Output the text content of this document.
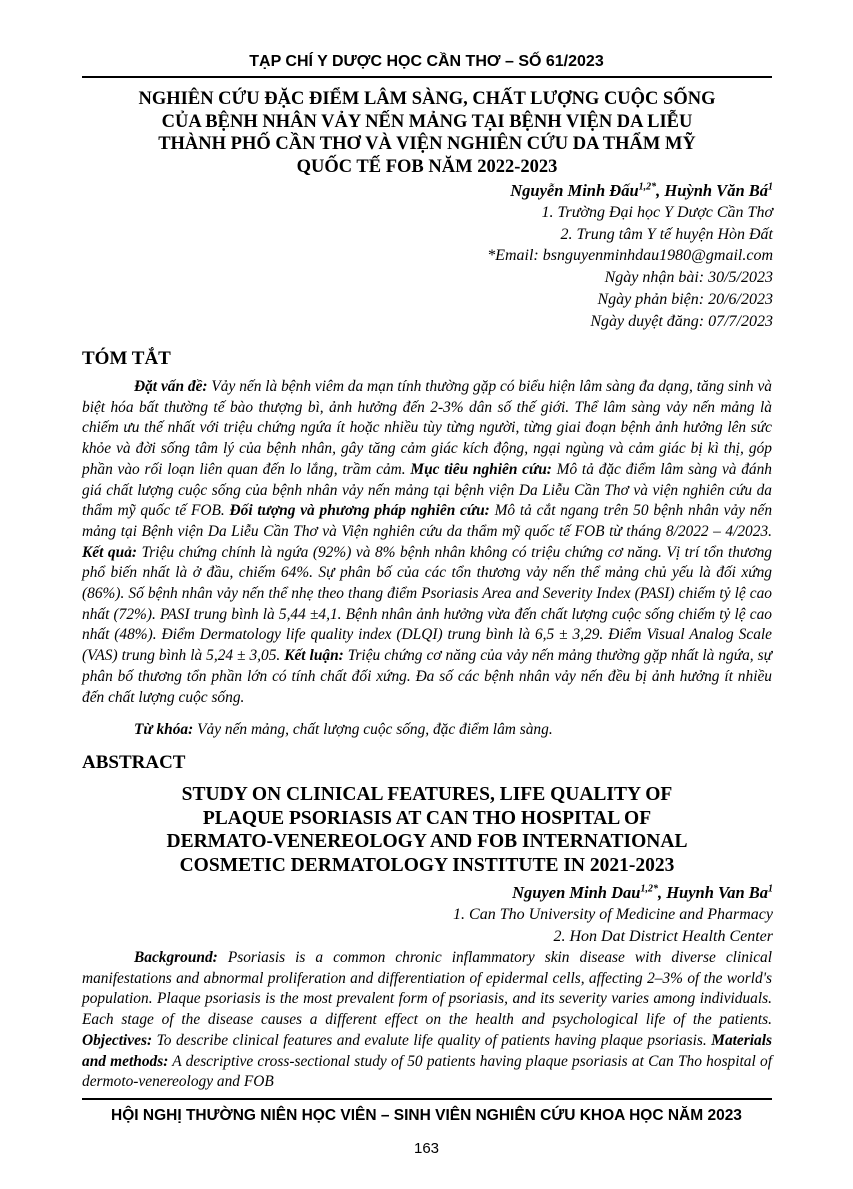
TẠP CHÍ Y DƯỢC HỌC CẦN THƠ – SỐ 61/2023
NGHIÊN CỨU ĐẶC ĐIỂM LÂM SÀNG, CHẤT LƯỢNG CUỘC SỐNG
CỦA BỆNH NHÂN VẢY NẾN MẢNG TẠI BỆNH VIỆN DA LIỄU
THÀNH PHỐ CẦN THƠ VÀ VIỆN NGHIÊN CỨU DA THẨM MỸ
QUỐC TẾ FOB NĂM 2022-2023
Nguyễn Minh Đấu$^{1,2*}$, Huỳnh Văn $Bá^1$
1. Trường Đại học Y Dược Cần Thơ
2. Trung tâm Y tế huyện Hòn Đất
*Email: bsnguyenminhdau1980@gmail.com
Ngày nhận bài: 30/5/2023
Ngày phản biện: 20/6/2023
Ngày duyệt đăng: 07/7/2023
TÓM TẮT
Đặt vấn đề: Vảy nến là bệnh viêm da mạn tính thường gặp có biểu hiện lâm sàng đa dạng, tăng sinh và biệt hóa bất thường tế bào thượng bì, ảnh hưởng đến 2-3% dân số thế giới. Thể lâm sàng vảy nến mảng là chiếm ưu thế nhất với triệu chứng ngứa ít hoặc nhiều tùy từng người, từng giai đoạn bệnh ảnh hưởng lên sức khỏe và đời sống tâm lý của bệnh nhân, gây tăng cảm giác kích động, ngại ngùng và cảm giác bị kì thị, góp phần vào rối loạn liên quan đến lo lắng, trầm cảm. Mục tiêu nghiên cứu: Mô tả đặc điểm lâm sàng và đánh giá chất lượng cuộc sống của bệnh nhân vảy nến mảng tại bệnh viện Da Liễu Cần Thơ và viện nghiên cứu da thẩm mỹ quốc tế FOB. Đối tượng và phương pháp nghiên cứu: Mô tả cắt ngang trên 50 bệnh nhân vảy nến mảng tại Bệnh viện Da Liễu Cần Thơ và Viện nghiên cứu da thẩm mỹ quốc tế FOB từ tháng 8/2022 – 4/2023. Kết quả: Triệu chứng chính là ngứa (92%) và 8% bệnh nhân không có triệu chứng cơ năng. Vị trí tổn thương phổ biến nhất là ở đầu, chiếm 64%. Sự phân bố của các tổn thương vảy nến thể mảng chủ yếu là đối xứng (86%). Số bệnh nhân vảy nến thể nhẹ theo thang điểm Psoriasis Area and Severity Index (PASI) chiếm tỷ lệ cao nhất (72%). PASI trung bình là 5,44 ±4,1. Bệnh nhân ảnh hưởng vừa đến chất lượng cuộc sống chiếm tỷ lệ cao nhất (48%). Điểm Dermatology life quality index (DLQI) trung bình là 6,5 ± 3,29. Điểm Visual Analog Scale (VAS) trung bình là 5,24 ± 3,05. Kết luận: Triệu chứng cơ năng của vảy nến mảng thường gặp nhất là ngứa, sự phân bố thương tổn phần lớn có tính chất đối xứng. Đa số các bệnh nhân vảy nến đều bị ảnh hưởng ít nhiều đến chất lượng cuộc sống.
Từ khóa: Vảy nến mảng, chất lượng cuộc sống, đặc điểm lâm sàng.
ABSTRACT
STUDY ON CLINICAL FEATURES, LIFE QUALITY OF
PLAQUE PSORIASIS AT CAN THO HOSPITAL OF
DERMATO-VENEREOLOGY AND FOB INTERNATIONAL
COSMETIC DERMATOLOGY INSTITUTE IN 2021-2023
Nguyen Minh Dau$^{1,2*}$, Huynh Van Ba$^1$
1. Can Tho University of Medicine and Pharmacy
2. Hon Dat District Health Center
Background: Psoriasis is a common chronic inflammatory skin disease with diverse clinical manifestations and abnormal proliferation and differentiation of epidermal cells, affecting 2–3% of the world's population. Plaque psoriasis is the most prevalent form of psoriasis, and its severity varies among individuals. Each stage of the disease causes a different effect on the health and psychological life of the patients. Objectives: To describe clinical features and evalute life quality of patients having plaque psoriasis. Materials and methods: A descriptive cross-sectional study of 50 patients having plaque psoriasis at Can Tho hospital of dermoto-venereology and FOB
HỘI NGHỊ THƯỜNG NIÊN HỌC VIÊN – SINH VIÊN NGHIÊN CỨU KHOA HỌC NĂM 2023
163
